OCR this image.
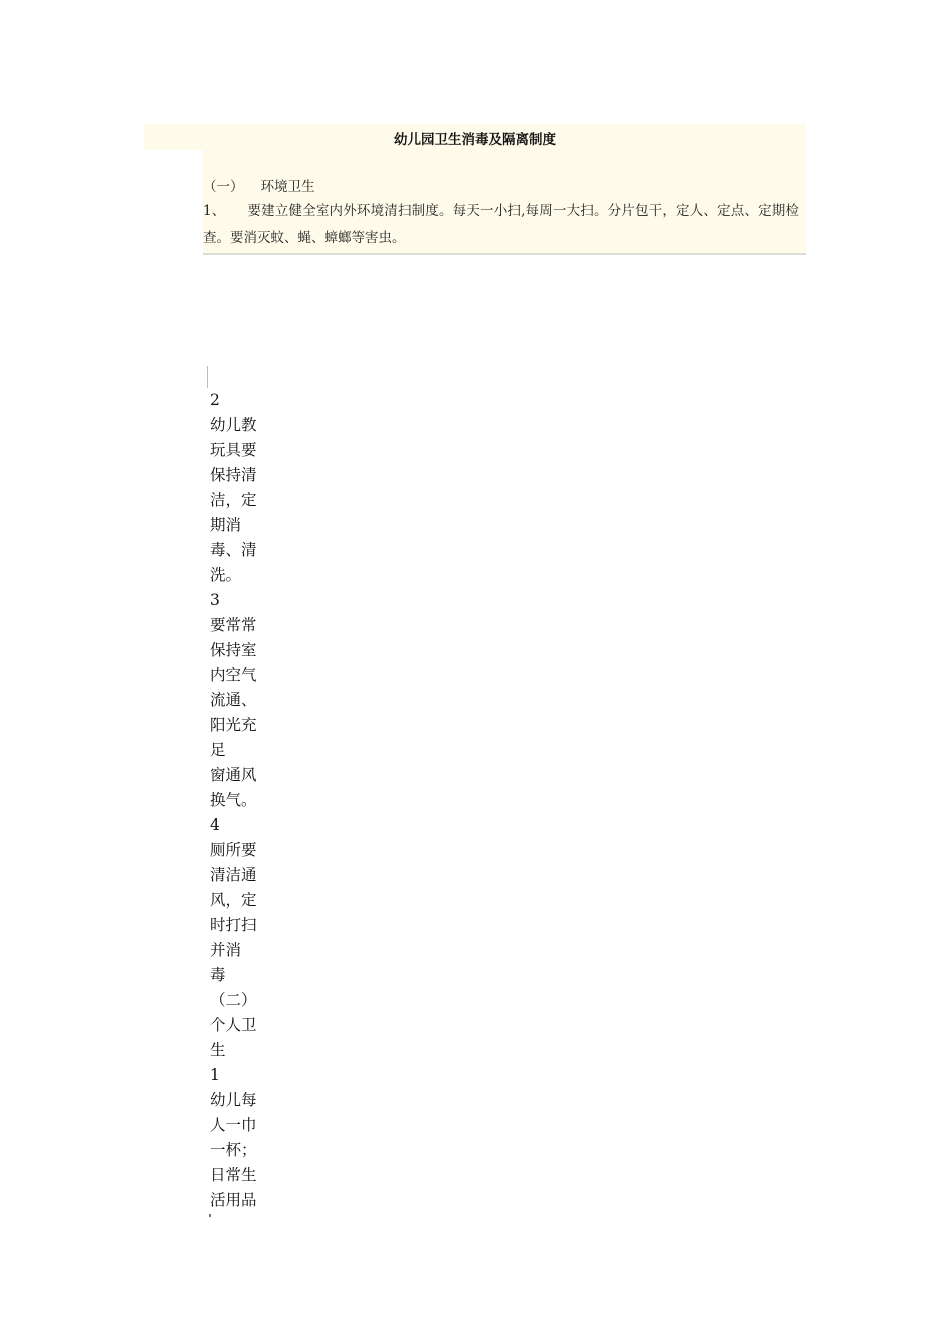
幼儿园卫生消毒及隔离制度
（一）    环境卫生
1、 要建立健全室内外环境清扫制度。每天一小扫,每周一大扫。分片包干，定人、定点、定期检查。要消灭蚊、蝇、蟑螂等害虫。
2
幼儿教
玩具要
保持清
洁，定
期消
毒、清
洗。
3
要常常
保持室
内空气
流通、
阳光充
足
窗通风
换气。
4
厕所要
清洁通
风，定
时打扫
并消
毒
（二）
个人卫
生
1
幼儿每
人一巾
一杯；
日常生
活用品
